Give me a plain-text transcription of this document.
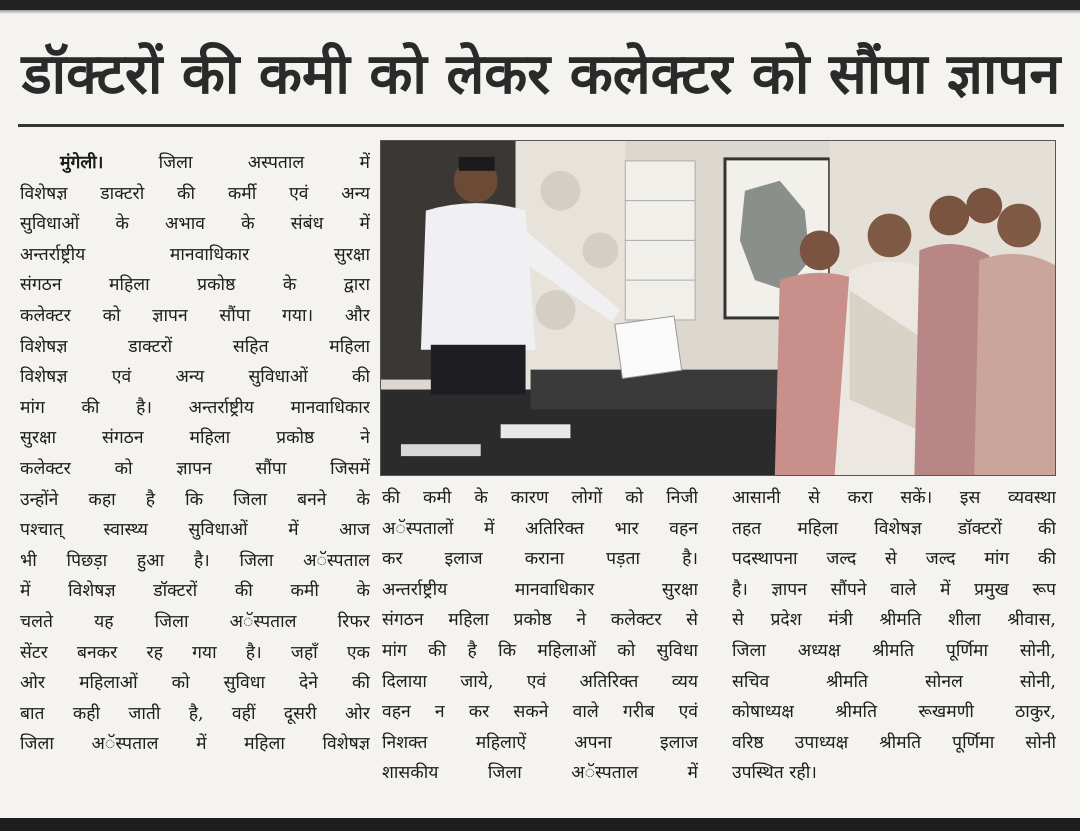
डॉक्टरों की कमी को लेकर कलेक्टर को सौंपा ज्ञापन
मुंगेली।	जिला अस्पताल में
विशेषज्ञ डाक्टरो की कर्मी एवं अन्य
सुविधाओं के अभाव के संबंध में
अन्तर्राष्ट्रीय मानवाधिकार सुरक्षा
संगठन महिला प्रकोष्ठ के द्वारा
कलेक्टर को ज्ञापन सौंपा गया। और
विशेषज्ञ डाक्टरों सहित महिला
विशेषज्ञ एवं अन्य सुविधाओं की
मांग की है। अन्तर्राष्ट्रीय मानवाधिकार
सुरक्षा संगठन महिला प्रकोष्ठ ने
कलेक्टर को ज्ञापन सौंपा जिसमें
उन्होंने कहा है कि जिला बनने के
पश्चात् स्वास्थ्य सुविधाओं में आज
भी पिछड़ा हुआ है। जिला अॅस्पताल
में विशेषज्ञ डॉक्टरों की कमी के
चलते यह जिला अॅस्पताल रिफर
सेंटर बनकर रह गया है। जहाँ एक
ओर महिलाओं को सुविधा देने की
बात कही जाती है, वहीं दूसरी ओर
जिला अॅस्पताल में महिला विशेषज्ञ
की कमी के कारण लोगों को निजी
अॅस्पतालों में अतिरिक्त भार वहन
कर इलाज कराना पड़ता है।
अन्तर्राष्ट्रीय मानवाधिकार सुरक्षा
संगठन महिला प्रकोष्ठ ने कलेक्टर से
मांग की है कि महिलाओं को सुविधा
दिलाया जाये, एवं अतिरिक्त व्यय
वहन न कर सकने वाले गरीब एवं
निशक्त महिलाऐं अपना इलाज
शासकीय जिला अॅस्पताल में
आसानी से करा सकें। इस व्यवस्था
तहत महिला विशेषज्ञ डॉक्टरों की
पदस्थापना जल्द से जल्द मांग की
है। ज्ञापन सौंपने वाले में प्रमुख रूप
से प्रदेश मंत्री श्रीमति शीला श्रीवास,
जिला अध्यक्ष श्रीमति पूर्णिमा सोनी,
सचिव श्रीमति सोनल सोनी,
कोषाध्यक्ष श्रीमति रूखमणी ठाकुर,
वरिष्ठ उपाध्यक्ष श्रीमति पूर्णिमा सोनी
उपस्थित रही।
